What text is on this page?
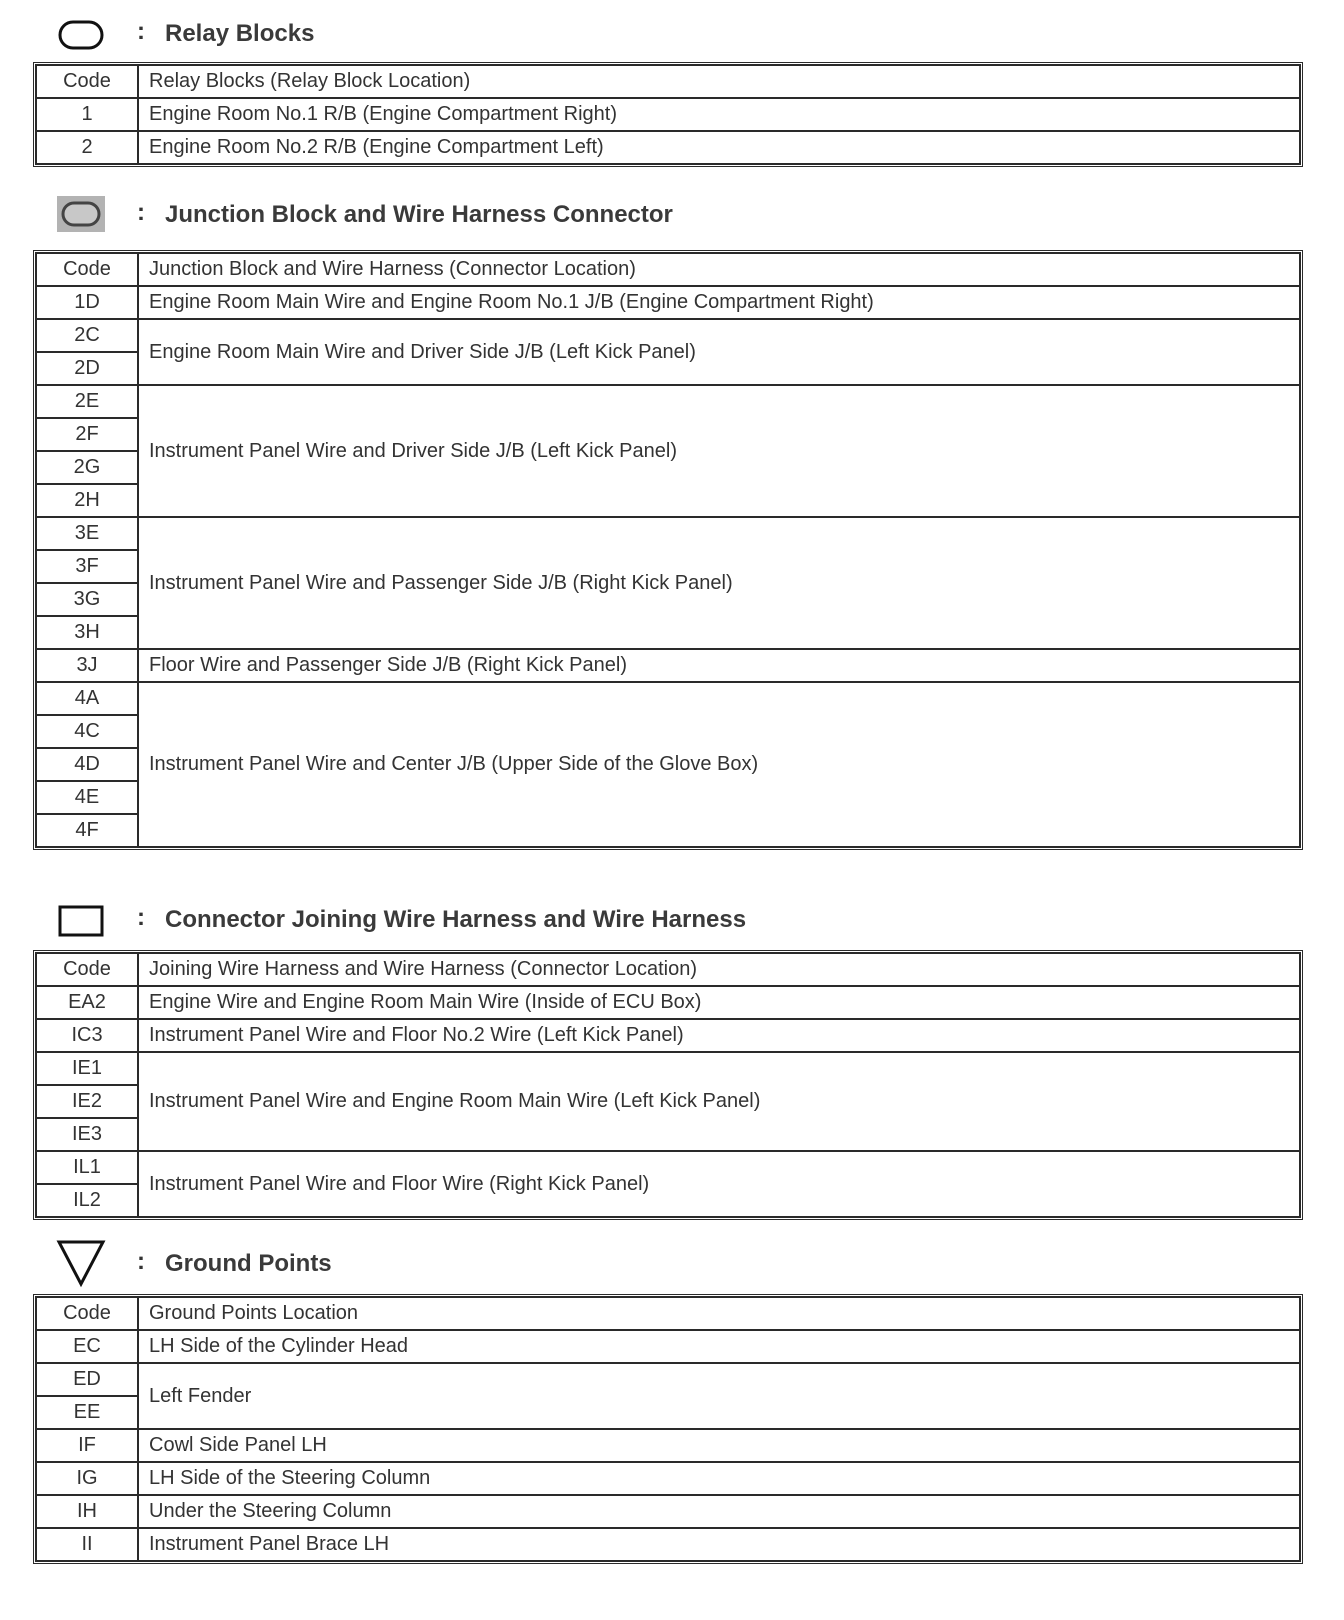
: Relay Blocks
Code	Relay Blocks (Relay Block Location)
1	Engine Room No.1 R/B (Engine Compartment Right)
2	Engine Room No.2 R/B (Engine Compartment Left)
: Junction Block and Wire Harness Connector
Code	Junction Block and Wire Harness (Connector Location)
1D	Engine Room Main Wire and Engine Room No.1 J/B (Engine Compartment Right)
2C	Engine Room Main Wire and Driver Side J/B (Left Kick Panel)
2D	
2E	Instrument Panel Wire and Driver Side J/B (Left Kick Panel)
2F	
2G	
2H	
3E	Instrument Panel Wire and Passenger Side J/B (Right Kick Panel)
3F	
3G	
3H	
3J	Floor Wire and Passenger Side J/B (Right Kick Panel)
4A	Instrument Panel Wire and Center J/B (Upper Side of the Glove Box)
4C	
4D	
4E	
4F	
: Connector Joining Wire Harness and Wire Harness
Code	Joining Wire Harness and Wire Harness (Connector Location)
EA2	Engine Wire and Engine Room Main Wire (Inside of ECU Box)
IC3	Instrument Panel Wire and Floor No.2 Wire (Left Kick Panel)
IE1	Instrument Panel Wire and Engine Room Main Wire (Left Kick Panel)
IE2	
IE3	
IL1	Instrument Panel Wire and Floor Wire (Right Kick Panel)
IL2	
: Ground Points
Code	Ground Points Location
EC	LH Side of the Cylinder Head
ED	Left Fender
EE	
IF	Cowl Side Panel LH
IG	LH Side of the Steering Column
IH	Under the Steering Column
II	Instrument Panel Brace LH
